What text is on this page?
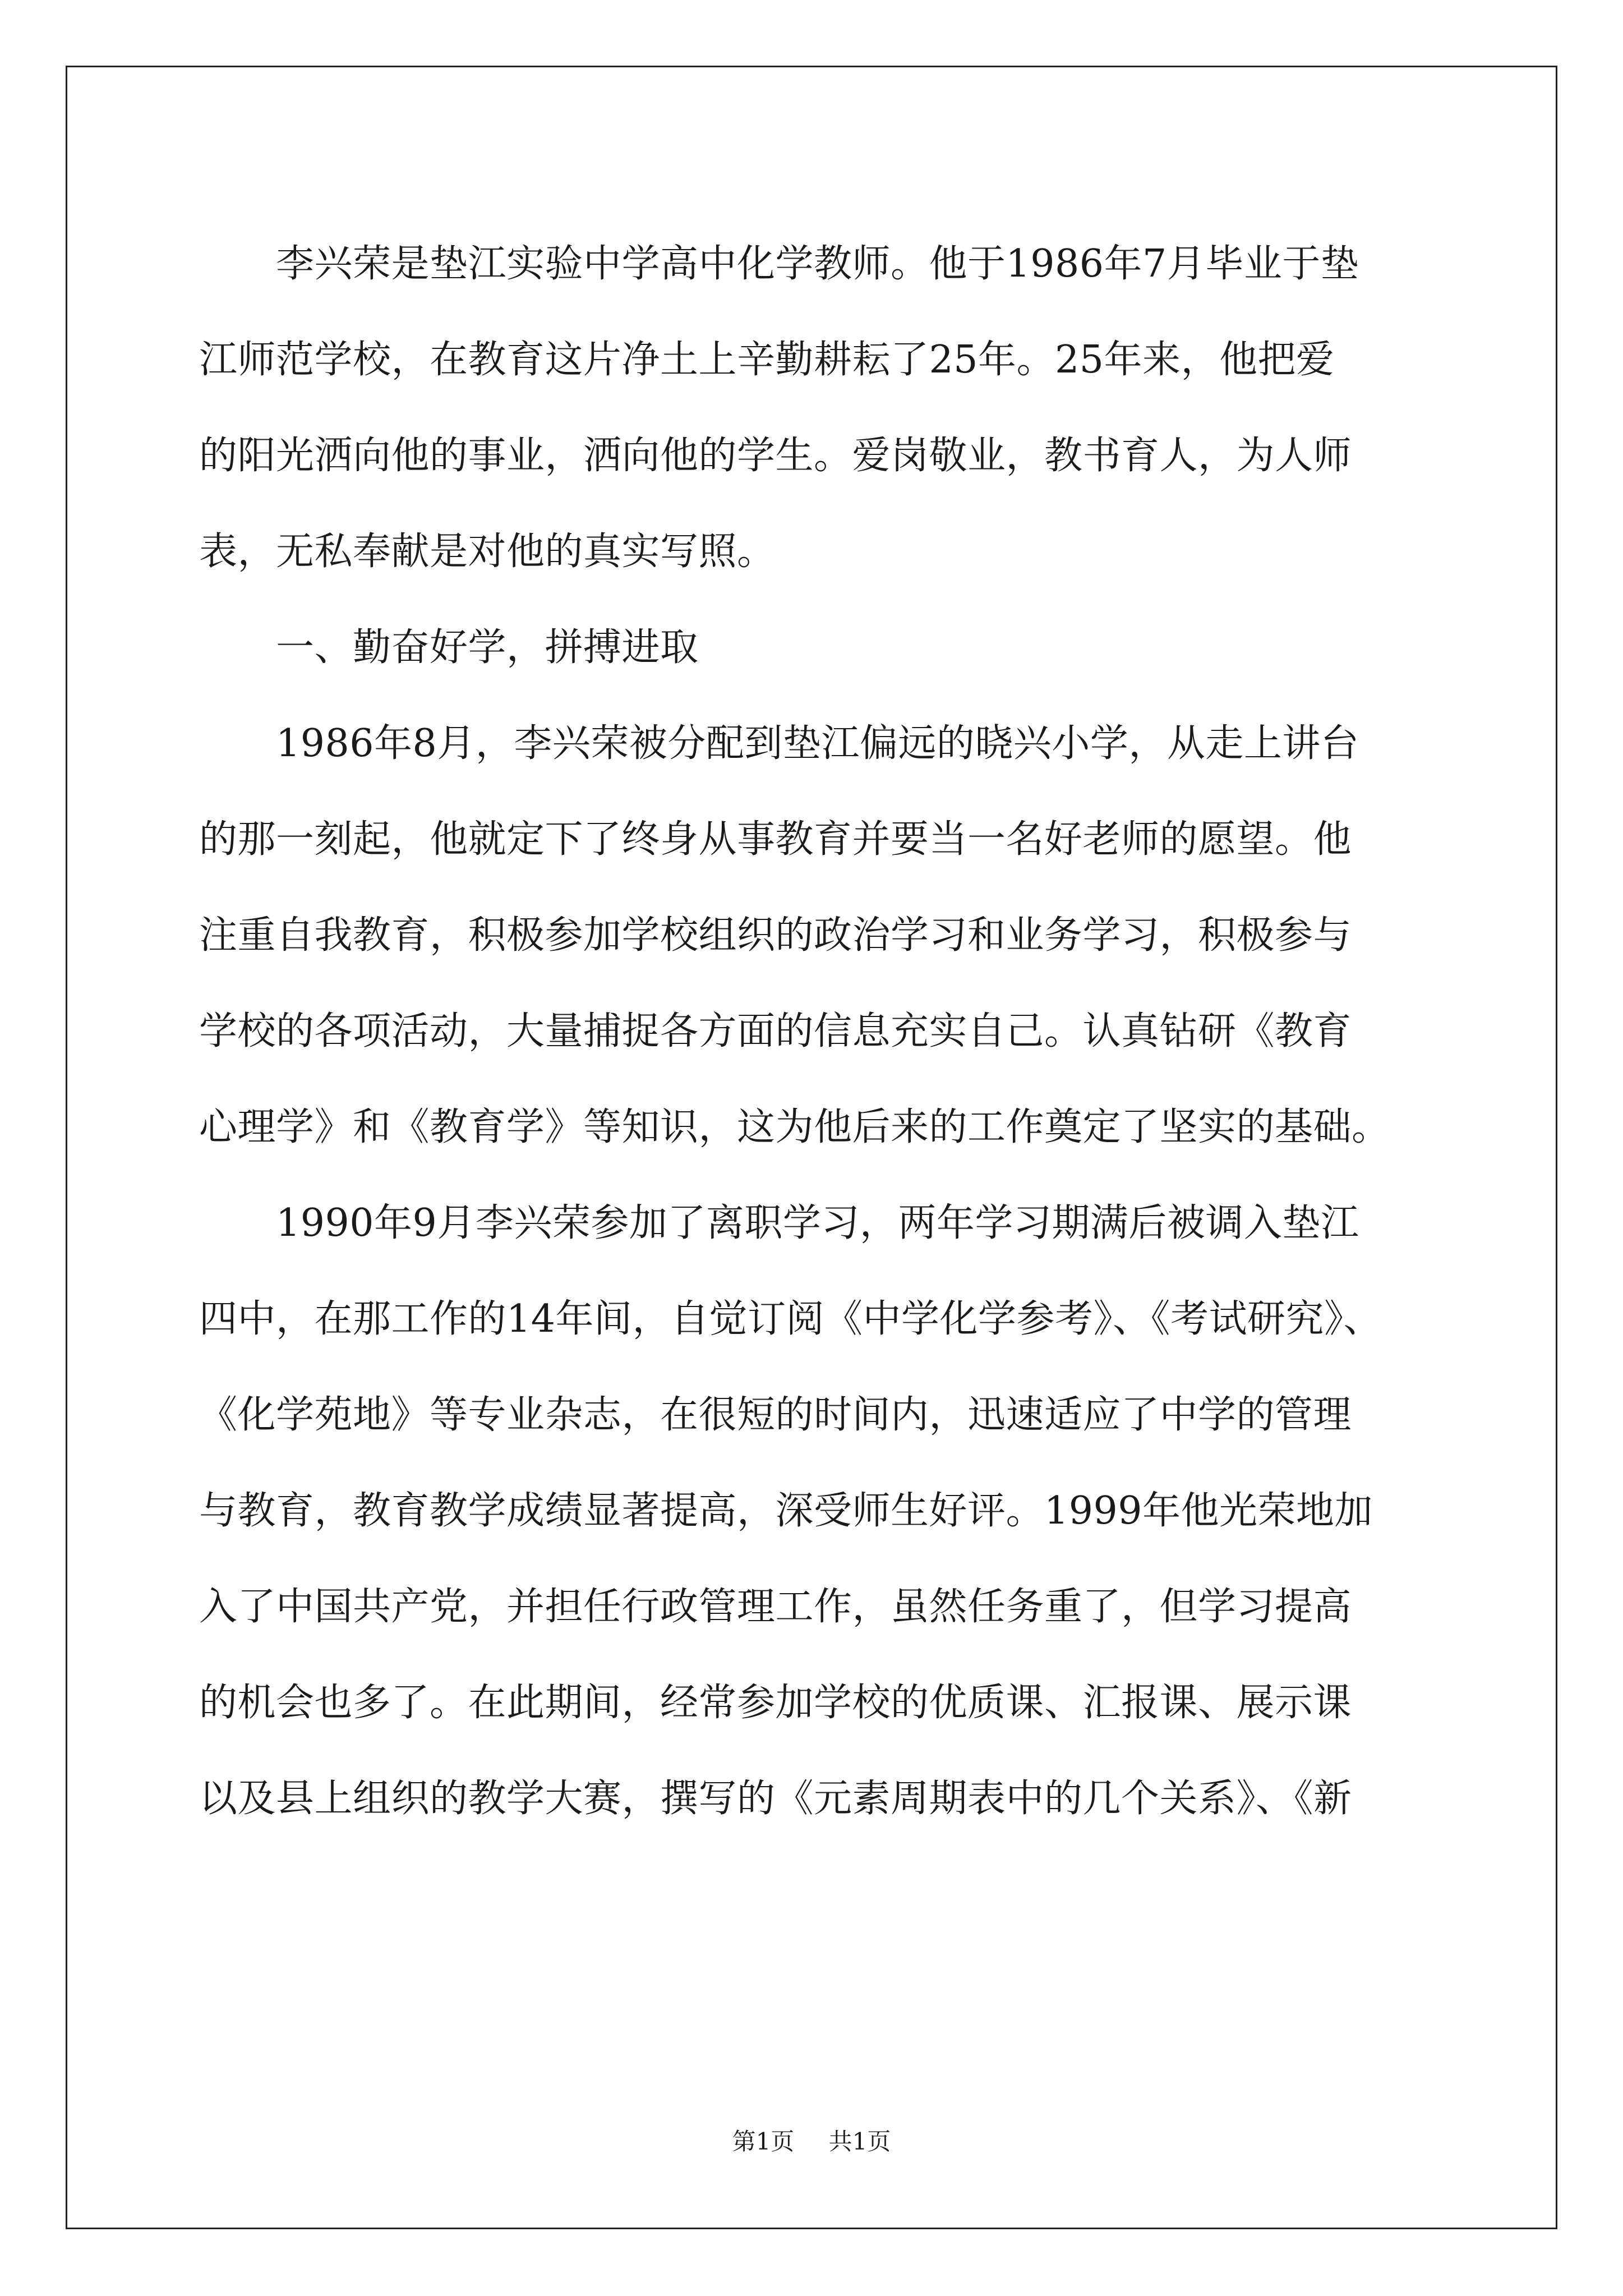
李兴荣是垫江实验中学高中化学教师。他于1986年7月毕业于垫
江师范学校，在教育这片净土上辛勤耕耘了25年。25年来，他把爱
的阳光洒向他的事业，洒向他的学生。爱岗敬业，教书育人，为人师
表，无私奉献是对他的真实写照。
一、勤奋好学，拼搏进取
1986年8月，李兴荣被分配到垫江偏远的晓兴小学，从走上讲台
的那一刻起，他就定下了终身从事教育并要当一名好老师的愿望。他
注重自我教育，积极参加学校组织的政治学习和业务学习，积极参与
学校的各项活动，大量捕捉各方面的信息充实自己。认真钻研《教育
心理学》和《教育学》等知识，这为他后来的工作奠定了坚实的基础。
1990年9月李兴荣参加了离职学习，两年学习期满后被调入垫江
四中，在那工作的14年间，自觉订阅《中学化学参考》、《考试研究》、
《化学苑地》等专业杂志，在很短的时间内，迅速适应了中学的管理
与教育，教育教学成绩显著提高，深受师生好评。1999年他光荣地加
入了中国共产党，并担任行政管理工作，虽然任务重了，但学习提高
的机会也多了。在此期间，经常参加学校的优质课、汇报课、展示课
以及县上组织的教学大赛，撰写的《元素周期表中的几个关系》、《新
第1页 共1页
